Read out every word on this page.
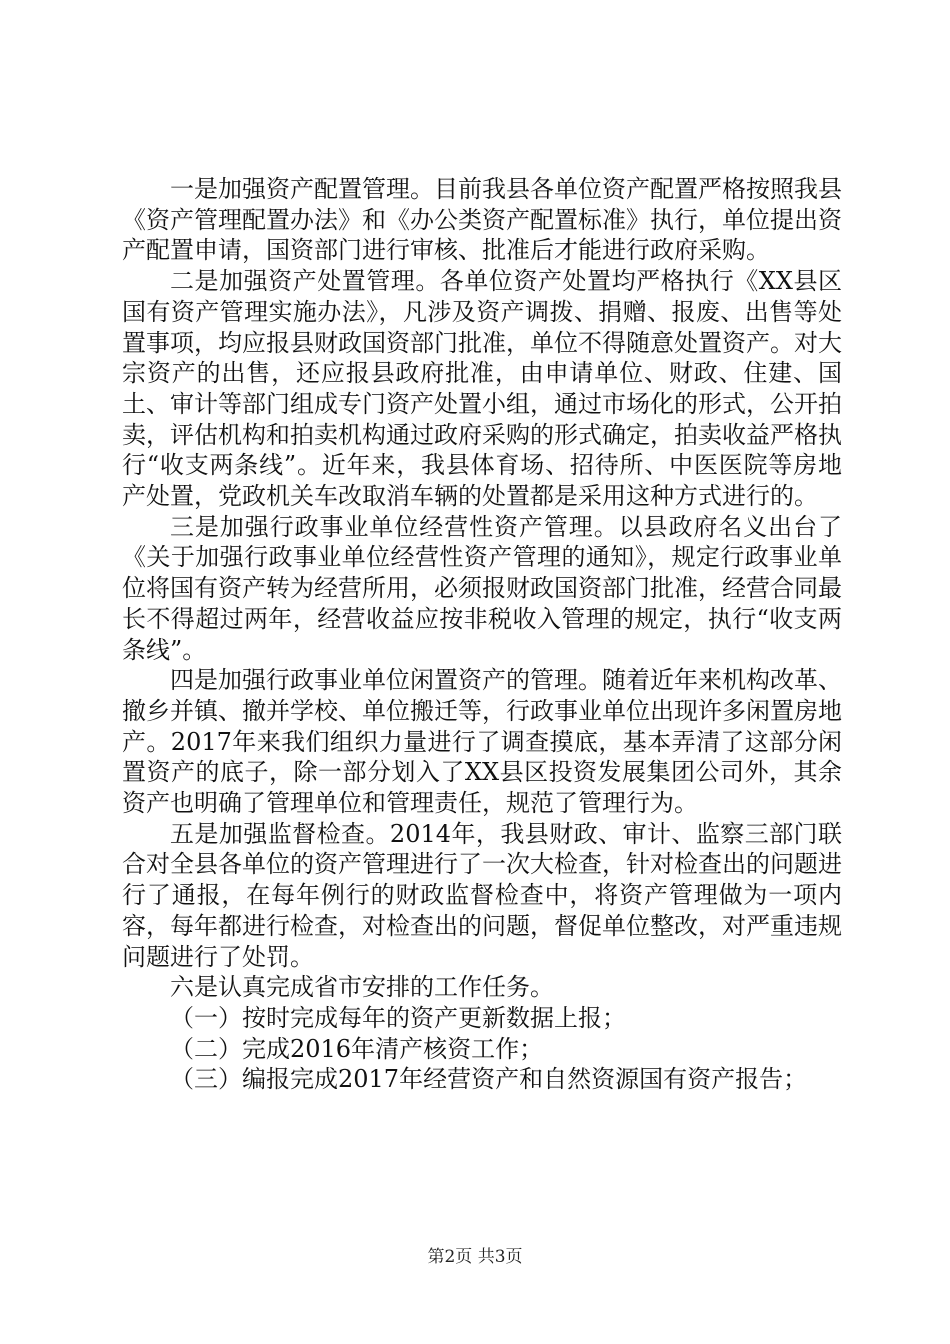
一是加强资产配置管理。目前我县各单位资产配置严格按照我县《资产管理配置办法》和《办公类资产配置标准》执行，单位提出资产配置申请，国资部门进行审核、批准后才能进行政府采购。

二是加强资产处置管理。各单位资产处置均严格执行《XX县区国有资产管理实施办法》，凡涉及资产调拨、捐赠、报废、出售等处置事项，均应报县财政国资部门批准，单位不得随意处置资产。对大宗资产的出售，还应报县政府批准，由申请单位、财政、住建、国土、审计等部门组成专门资产处置小组，通过市场化的形式，公开拍卖，评估机构和拍卖机构通过政府采购的形式确定，拍卖收益严格执行“收支两条线”。近年来，我县体育场、招待所、中医医院等房地产处置，党政机关车改取消车辆的处置都是采用这种方式进行的。

三是加强行政事业单位经营性资产管理。以县政府名义出台了《关于加强行政事业单位经营性资产管理的通知》，规定行政事业单位将国有资产转为经营所用，必须报财政国资部门批准，经营合同最长不得超过两年，经营收益应按非税收入管理的规定，执行“收支两条线”。

四是加强行政事业单位闲置资产的管理。随着近年来机构改革、撤乡并镇、撤并学校、单位搬迁等，行政事业单位出现许多闲置房地产。2017年来我们组织力量进行了调查摸底，基本弄清了这部分闲置资产的底子，除一部分划入了XX县区投资发展集团公司外，其余资产也明确了管理单位和管理责任，规范了管理行为。

五是加强监督检查。2014年，我县财政、审计、监察三部门联合对全县各单位的资产管理进行了一次大检查，针对检查出的问题进行了通报，在每年例行的财政监督检查中，将资产管理做为一项内容，每年都进行检查，对检查出的问题，督促单位整改，对严重违规问题进行了处罚。

六是认真完成省市安排的工作任务。

（一）按时完成每年的资产更新数据上报；

（二）完成2016年清产核资工作；

（三）编报完成2017年经营资产和自然资源国有资产报告；

第2页 共3页
